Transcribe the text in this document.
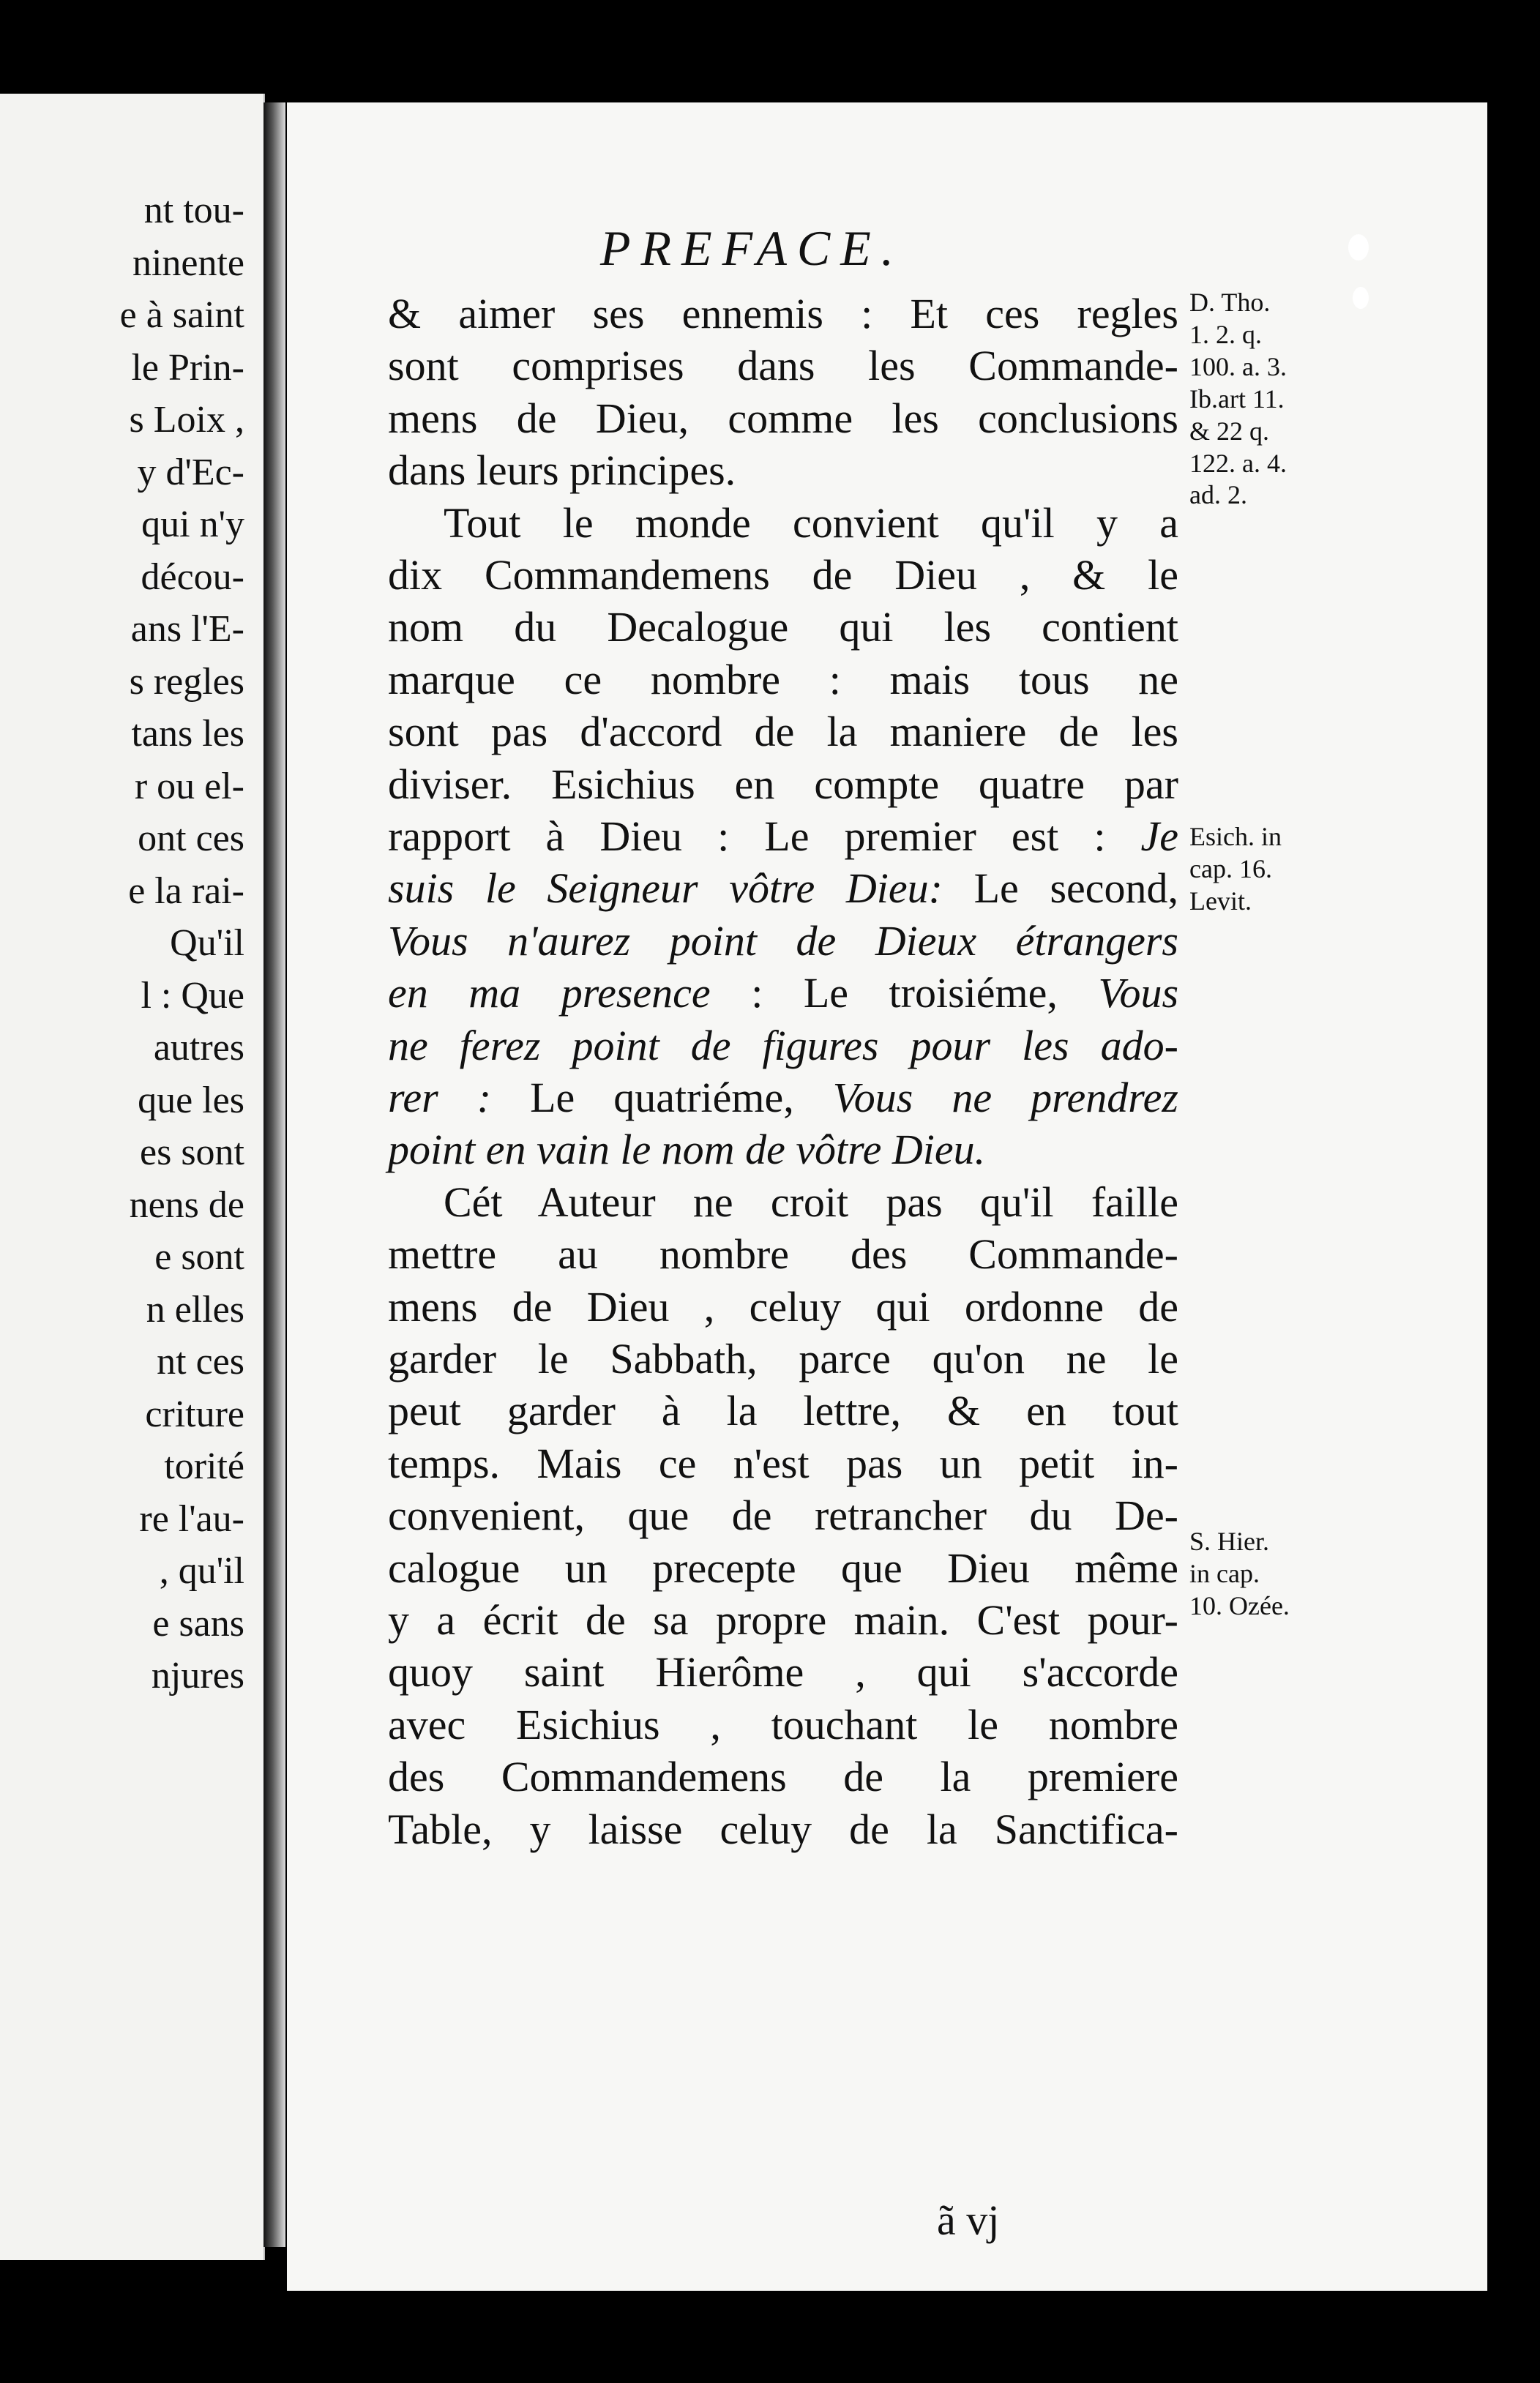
nt tou-
ninente
e à saint
le Prin-
s Loix ,
y d'Ec-
qui n'y
décou-
ans l'E-
s regles
tans les
r ou el-
ont ces
e la rai-
Qu'il
l : Que
autres
que les
es sont
nens de
e sont
n elles
nt ces
criture
torité
re l'au-
, qu'il
e sans
njures
PREFACE.
& aimer ses ennemis : Et ces regles
sont comprises dans les Commande-
mens de Dieu, comme les conclusions
dans leurs principes.
Tout le monde convient qu'il y a
dix Commandemens de Dieu , & le
nom du Decalogue qui les contient
marque ce nombre : mais tous ne
sont pas d'accord de la maniere de les
diviser. Esichius en compte quatre par
rapport à Dieu : Le premier est : Je
suis le Seigneur vôtre Dieu: Le second,
Vous n'aurez point de Dieux étrangers
en ma presence : Le troisiéme, Vous
ne ferez point de figures pour les ado-
rer : Le quatriéme, Vous ne prendrez
point en vain le nom de vôtre Dieu.
Cét Auteur ne croit pas qu'il faille
mettre au nombre des Commande-
mens de Dieu , celuy qui ordonne de
garder le Sabbath, parce qu'on ne le
peut garder à la lettre, & en tout
temps. Mais ce n'est pas un petit in-
convenient, que de retrancher du De-
calogue un precepte que Dieu même
y a écrit de sa propre main. C'est pour-
quoy saint Hierôme , qui s'accorde
avec Esichius , touchant le nombre
des Commandemens de la premiere
Table, y laisse celuy de la Sanctifica-
D. Tho.
1. 2. q.
100. a. 3.
Ib.art 11.
& 22 q.
122. a. 4.
ad. 2.
Esich. in
cap. 16.
Levit.
S. Hier.
in cap.
10. Ozée.
ã vj
